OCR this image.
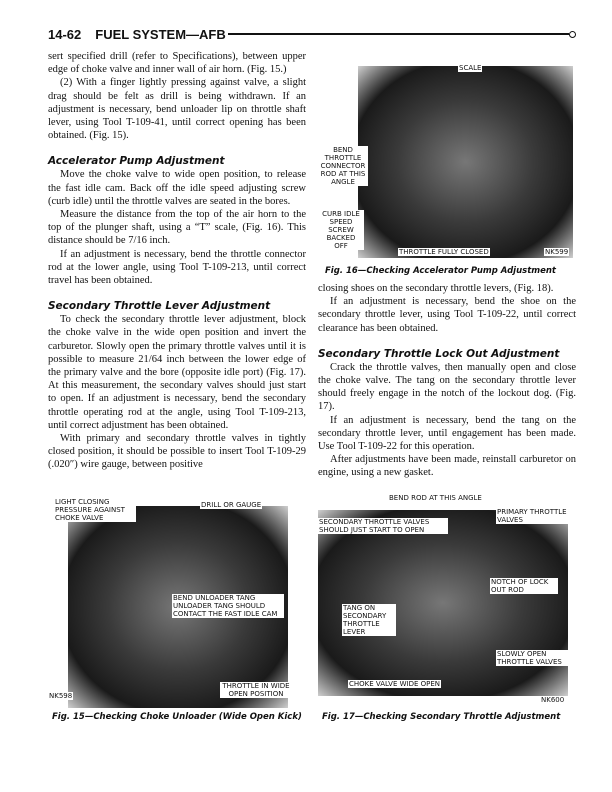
14-62 FUEL SYSTEM—AFB

sert specified drill (refer to Specifications), between upper edge of choke valve and inner wall of air horn. (Fig. 15.)

(2) With a finger lightly pressing against valve, a slight drag should be felt as drill is being withdrawn. If an adjustment is necessary, bend unloader lip on throttle shaft lever, using Tool T-109-41, until correct opening has been obtained. (Fig. 15).

Accelerator Pump Adjustment

Move the choke valve to wide open position, to release the fast idle cam. Back off the idle speed adjusting screw (curb idle) until the throttle valves are seated in the bores.

Measure the distance from the top of the air horn to the top of the plunger shaft, using a “T” scale, (Fig. 16). This distance should be 7/16 inch.

If an adjustment is necessary, bend the throttle connector rod at the lower angle, using Tool T-109-213, until correct travel has been obtained.

Secondary Throttle Lever Adjustment

To check the secondary throttle lever adjustment, block the choke valve in the wide open position and invert the carburetor. Slowly open the primary throttle valves until it is possible to measure 21/64 inch between the lower edge of the primary valve and the bore (opposite idle port) (Fig. 17). At this measurement, the secondary valves should just start to open. If an adjustment is necessary, bend the secondary throttle operating rod at the angle, using Tool T-109-213, until correct adjustment has been obtained.

With primary and secondary throttle valves in tightly closed position, it should be possible to insert Tool T-109-29 (.020″) wire gauge, between positive

closing shoes on the secondary throttle levers, (Fig. 18).

If an adjustment is necessary, bend the shoe on the secondary throttle lever, using Tool T-109-22, until correct clearance has been obtained.

Secondary Throttle Lock Out Adjustment

Crack the throttle valves, then manually open and close the choke valve. The tang on the secondary throttle lever should freely engage in the notch of the lockout dog. (Fig. 17).

If an adjustment is necessary, bend the tang on the secondary throttle lever, until engagement has been made. Use Tool T-109-22 for this operation.

After adjustments have been made, reinstall carburetor on engine, using a new gasket.

SCALE
BEND THROTTLE CONNECTOR ROD AT THIS ANGLE
CURB IDLE SPEED SCREW BACKED OFF
THROTTLE FULLY CLOSED	NK599
Fig. 16—Checking Accelerator Pump Adjustment
LIGHT CLOSING PRESSURE AGAINST CHOKE VALVE
DRILL OR GAUGE
BEND UNLOADER TANG UNLOADER TANG SHOULD CONTACT THE FAST IDLE CAM
THROTTLE IN WIDE OPEN POSITION
NK598
Fig. 15—Checking Choke Unloader (Wide Open Kick)
BEND ROD AT THIS ANGLE
SECONDARY THROTTLE VALVES SHOULD JUST START TO OPEN
PRIMARY THROTTLE VALVES
NOTCH OF LOCK OUT ROD
TANG ON SECONDARY THROTTLE LEVER
SLOWLY OPEN THROTTLE VALVES
CHOKE VALVE WIDE OPEN
NK600
Fig. 17—Checking Secondary Throttle Adjustment
